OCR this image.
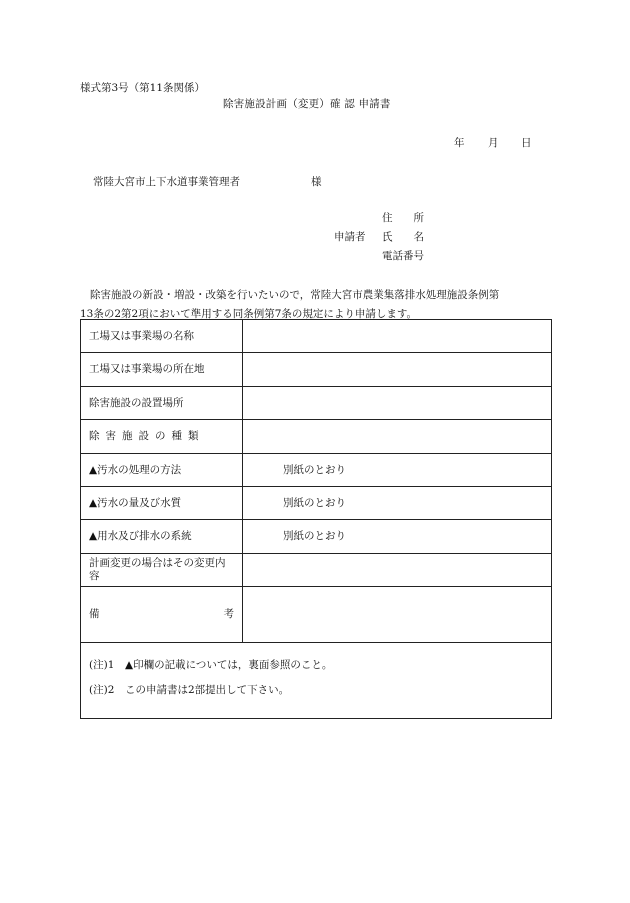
様式第3号（第11条関係）
除害施設計画（変更）確 認 申請書
年 月 日
常陸大宮市上下水道事業管理者	様
住　　所
申請者 氏　　名
電話番号

除害施設の新設・増設・改築を行いたいので，常陸大宮市農業集落排水処理施設条例第

13条の2第2項において準用する同条例第7条の規定により申請します。

工場又は事業場の名称	
工場又は事業場の所在地	
除害施設の設置場所	
除害施設の種類	
▲汚水の処理の方法	別紙のとおり
▲汚水の量及び水質	別紙のとおり
▲用水及び排水の系統	別紙のとおり
計画変更の場合はその変更内容	

備 考	

(注)1 ▲印欄の記載については，裏面参照のこと。

(注)2 この申請書は2部提出して下さい。	
